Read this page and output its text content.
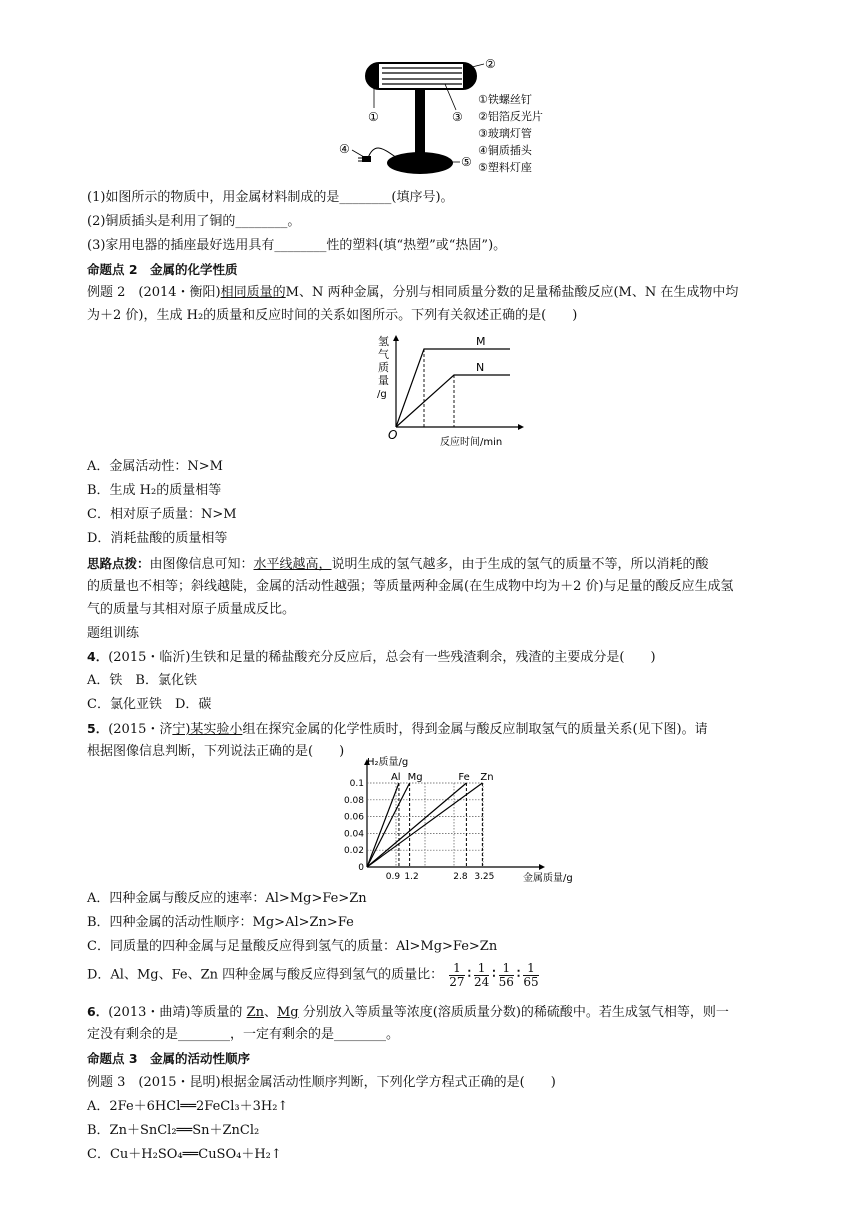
①
②
③
④
⑤
①铁螺丝钉
②铝箔反光片
③玻璃灯管
④铜质插头
⑤塑料灯座
(1)如图所示的物质中，用金属材料制成的是________(填序号)。
(2)铜质插头是利用了铜的________。
(3)家用电器的插座最好选用具有________性的塑料(填“热塑”或“热固”)。
命题点 2　金属的化学性质
例题 2　(2014・衡阳)相同质量的M、N 两种金属，分别与相同质量分数的足量稀盐酸反应(M、N 在生成物中均
为＋2 价)，生成 H₂的质量和反应时间的关系如图所示。下列有关叙述正确的是(　　)
氢
气
质
量
/g
O
反应时间/min
M
N
A．金属活动性：N>M
B．生成 H₂的质量相等
C．相对原子质量：N>M
D．消耗盐酸的质量相等
思路点拨：由图像信息可知：水平线越高，说明生成的氢气越多，由于生成的氢气的质量不等，所以消耗的酸
的质量也不相等；斜线越陡，金属的活动性越强；等质量两种金属(在生成物中均为＋2 价)与足量的酸反应生成氢
气的质量与其相对原子质量成反比。
题组训练
4．(2015・临沂)生铁和足量的稀盐酸充分反应后，总会有一些残渣剩余，残渣的主要成分是(　　)
A．铁　B．氯化铁
C．氯化亚铁　D．碳
5．(2015・济宁)某实验小组在探究金属的化学性质时，得到金属与酸反应制取氢气的质量关系(见下图)。请
根据图像信息判断，下列说法正确的是(　　)
H₂质量/g
金属质量/g
0.1
0.08
0.06
0.04
0.02
0
Al Mg	Fe Zn
0.9 1.2	2.8 3.25
A．四种金属与酸反应的速率：Al>Mg>Fe>Zn
B．四种金属的活动性顺序：Mg>Al>Zn>Fe
C．同质量的四种金属与足量酸反应得到氢气的质量：Al>Mg>Fe>Zn
D．Al、Mg、Fe、Zn 四种金属与酸反应得到氢气的质量比： $\frac{1}{27}$ ∶ $\frac{1}{24}$ ∶ $\frac{1}{56}$ ∶ $\frac{1}{65}$
6．(2013・曲靖)等质量的 Zn、Mg 分别放入等质量等浓度(溶质质量分数)的稀硫酸中。若生成氢气相等，则一
定没有剩余的是________，一定有剩余的是________。
命题点 3　金属的活动性顺序
例题 3　(2015・昆明)根据金属活动性顺序判断，下列化学方程式正确的是(　　)
A．2Fe＋6HCl══2FeCl₃＋3H₂↑
B．Zn＋SnCl₂══Sn＋ZnCl₂
C．Cu＋H₂SO₄══CuSO₄＋H₂↑
